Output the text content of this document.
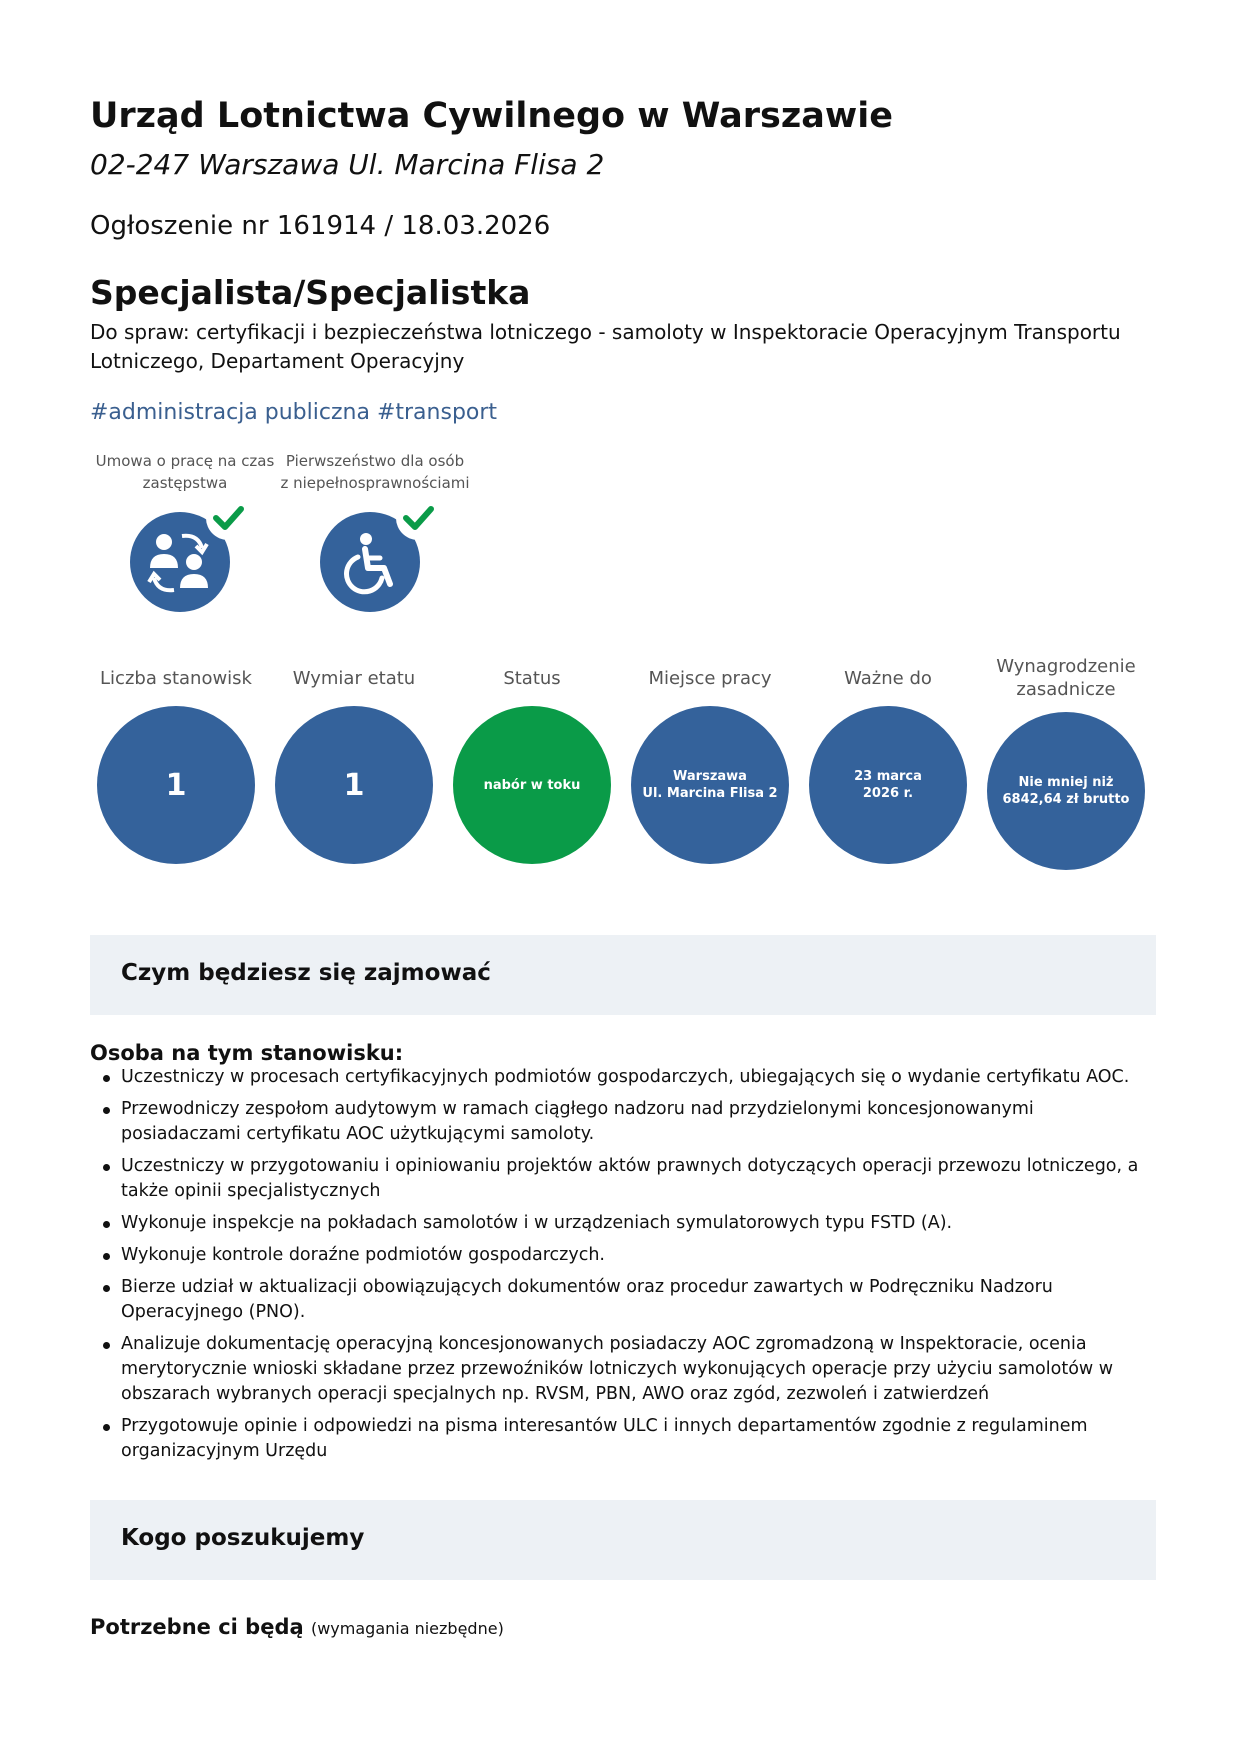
Urząd Lotnictwa Cywilnego w Warszawie
02-247 Warszawa Ul. Marcina Flisa 2
Ogłoszenie nr 161914 / 18.03.2026
Specjalista/Specjalistka
Do spraw: certyfikacji i bezpieczeństwa lotniczego - samoloty w Inspektoracie Operacyjnym Transportu Lotniczego, Departament Operacyjny
#administracja publiczna #transport
Umowa o pracę na czas zastępstwa
Pierwszeństwo dla osób z niepełnosprawnościami
Liczba stanowisk
1
Wymiar etatu
1
Status
nabór w toku
Miejsce pracy
Warszawa
Ul. Marcina Flisa 2
Ważne do
23 marca
2026 r.
Wynagrodzenie zasadnicze
Nie mniej niż
6842,64 zł brutto
Czym będziesz się zajmować
Osoba na tym stanowisku:
Uczestniczy w procesach certyfikacyjnych podmiotów gospodarczych, ubiegających się o wydanie certyfikatu AOC.
Przewodniczy zespołom audytowym w ramach ciągłego nadzoru nad przydzielonymi koncesjonowanymi posiadaczami certyfikatu AOC użytkującymi samoloty.
Uczestniczy w przygotowaniu i opiniowaniu projektów aktów prawnych dotyczących operacji przewozu lotniczego, a także opinii specjalistycznych
Wykonuje inspekcje na pokładach samolotów i w urządzeniach symulatorowych typu FSTD (A).
Wykonuje kontrole doraźne podmiotów gospodarczych.
Bierze udział w aktualizacji obowiązujących dokumentów oraz procedur zawartych w Podręczniku Nadzoru Operacyjnego (PNO).
Analizuje dokumentację operacyjną koncesjonowanych posiadaczy AOC zgromadzoną w Inspektoracie, ocenia merytorycznie wnioski składane przez przewoźników lotniczych wykonujących operacje przy użyciu samolotów w obszarach wybranych operacji specjalnych np. RVSM, PBN, AWO oraz zgód, zezwoleń i zatwierdzeń
Przygotowuje opinie i odpowiedzi na pisma interesantów ULC i innych departamentów zgodnie z regulaminem organizacyjnym Urzędu
Kogo poszukujemy
Potrzebne ci będą (wymagania niezbędne)
